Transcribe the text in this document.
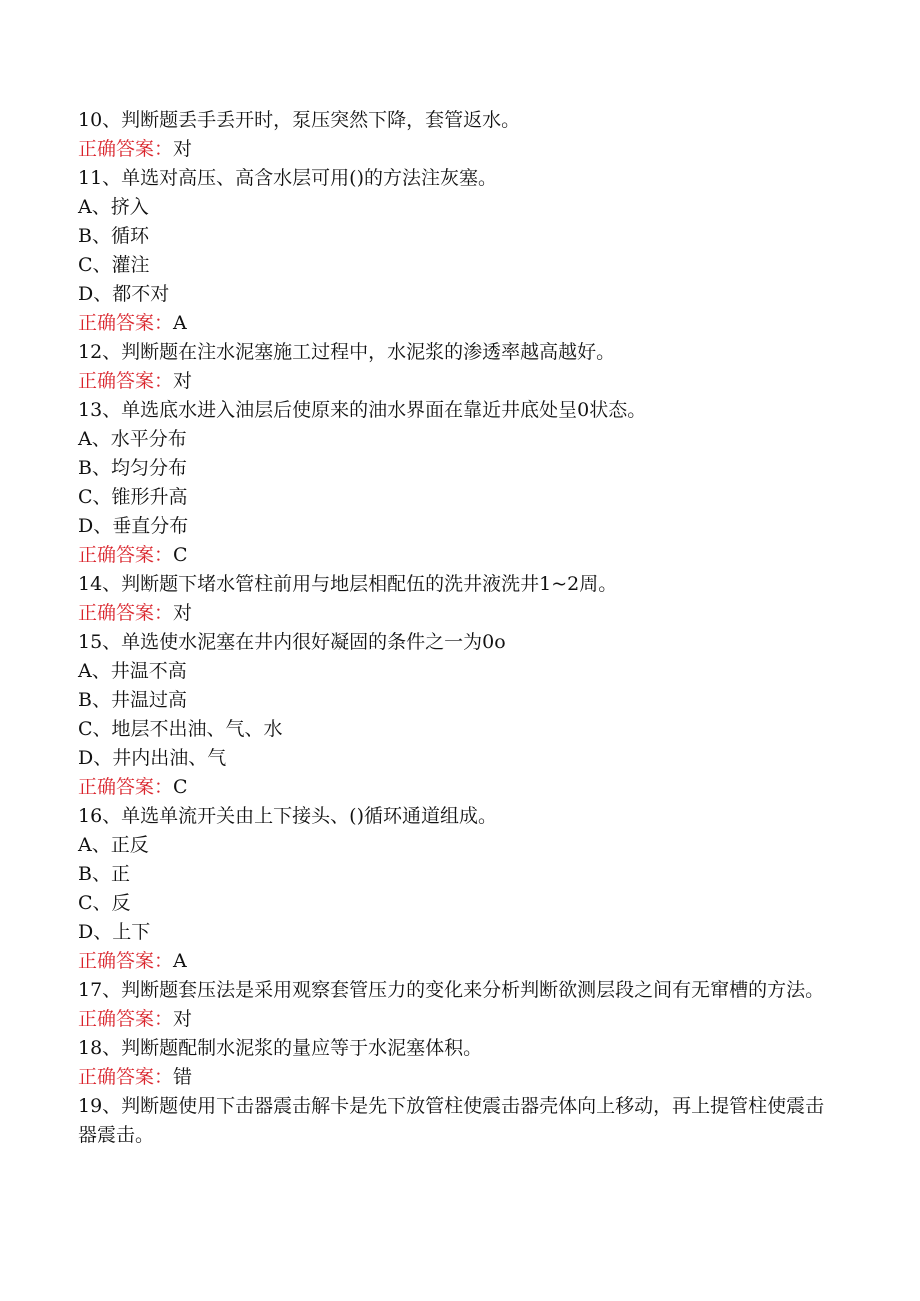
10、判断题丢手丢开时，泵压突然下降，套管返水。
正确答案：对
11、单选对高压、高含水层可用()的方法注灰塞。
A、挤入
B、循环
C、灌注
D、都不对
正确答案：A
12、判断题在注水泥塞施工过程中，水泥浆的渗透率越高越好。
正确答案：对
13、单选底水进入油层后使原来的油水界面在靠近井底处呈0状态。
A、水平分布
B、均匀分布
C、锥形升高
D、垂直分布
正确答案：C
14、判断题下堵水管柱前用与地层相配伍的洗井液洗井1~2周。
正确答案：对
15、单选使水泥塞在井内很好凝固的条件之一为0o
A、井温不高
B、井温过高
C、地层不出油、气、水
D、井内出油、气
正确答案：C
16、单选单流开关由上下接头、()循环通道组成。
A、正反
B、正
C、反
D、上下
正确答案：A
17、判断题套压法是采用观察套管压力的变化来分析判断欲测层段之间有无窜槽的方法。
正确答案：对
18、判断题配制水泥浆的量应等于水泥塞体积。
正确答案：错
19、判断题使用下击器震击解卡是先下放管柱使震击器壳体向上移动，再上提管柱使震击器震击。
